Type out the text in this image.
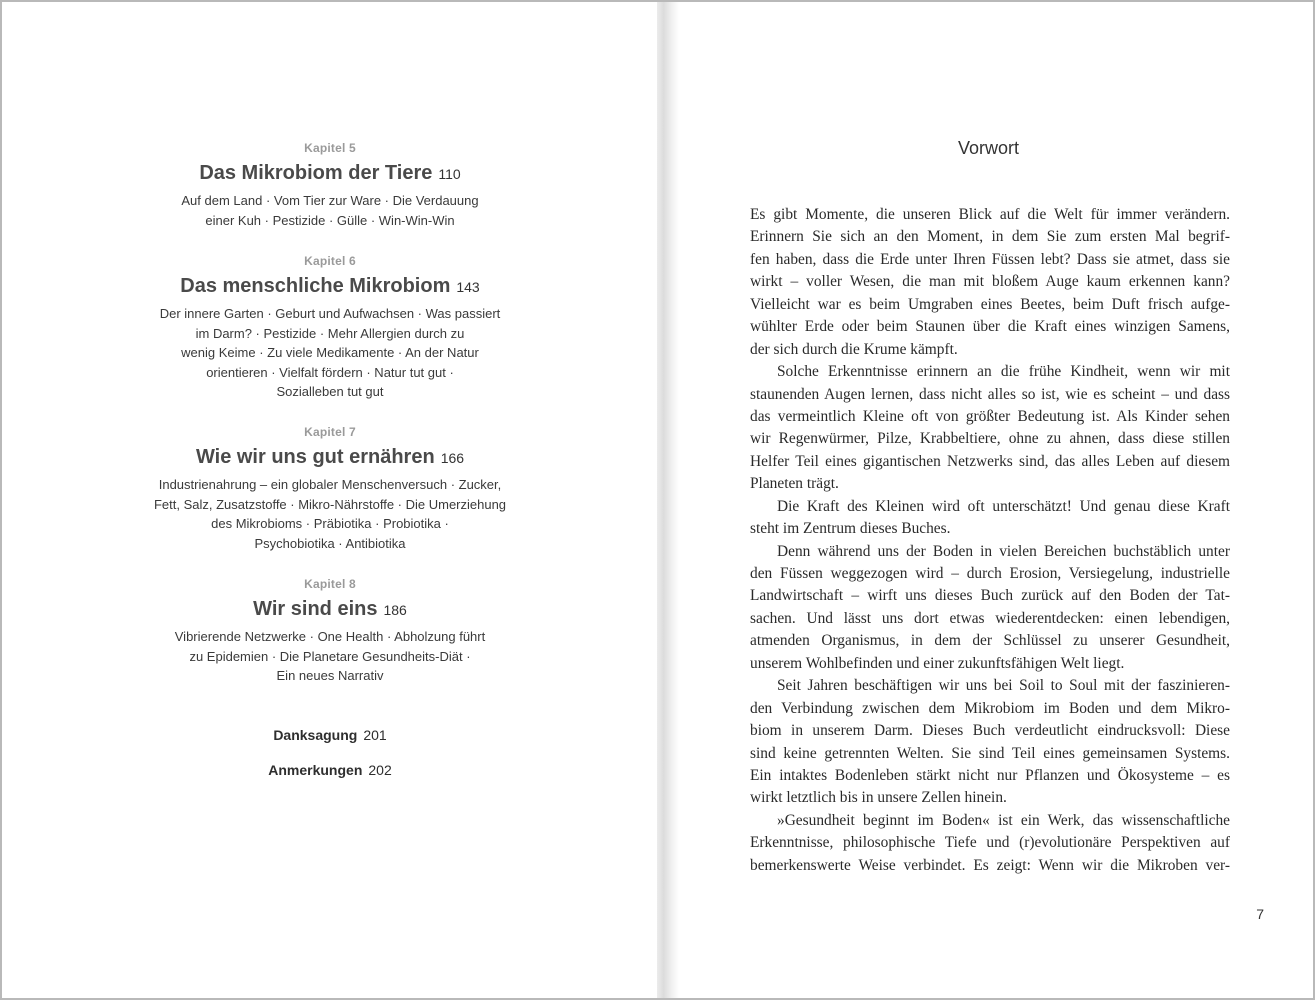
Kapitel 5
Das Mikrobiom der Tiere 110
Auf dem Land · Vom Tier zur Ware · Die Verdauung
einer Kuh · Pestizide · Gülle · Win-Win-Win
Kapitel 6
Das menschliche Mikrobiom 143
Der innere Garten · Geburt und Aufwachsen · Was passiert
im Darm? · Pestizide · Mehr Allergien durch zu
wenig Keime · Zu viele Medikamente · An der Natur
orientieren · Vielfalt fördern · Natur tut gut ·
Sozialleben tut gut
Kapitel 7
Wie wir uns gut ernähren 166
Industrienahrung – ein globaler Menschenversuch · Zucker,
Fett, Salz, Zusatzstoffe · Mikro-Nährstoffe · Die Umerziehung
des Mikrobioms · Präbiotika · Probiotika ·
Psychobiotika · Antibiotika
Kapitel 8
Wir sind eins 186
Vibrierende Netzwerke · One Health · Abholzung führt
zu Epidemien · Die Planetare Gesundheits-Diät ·
Ein neues Narrativ
Danksagung 201
Anmerkungen 202
Vorwort
Es gibt Momente, die unseren Blick auf die Welt für immer verändern.
Erinnern Sie sich an den Moment, in dem Sie zum ersten Mal begrif-
fen haben, dass die Erde unter Ihren Füssen lebt? Dass sie atmet, dass sie
wirkt – voller Wesen, die man mit bloßem Auge kaum erkennen kann?
Vielleicht war es beim Umgraben eines Beetes, beim Duft frisch aufge-
wühlter Erde oder beim Staunen über die Kraft eines winzigen Samens,
der sich durch die Krume kämpft.
Solche Erkenntnisse erinnern an die frühe Kindheit, wenn wir mit
staunenden Augen lernen, dass nicht alles so ist, wie es scheint – und dass
das vermeintlich Kleine oft von größter Bedeutung ist. Als Kinder sehen
wir Regenwürmer, Pilze, Krabbeltiere, ohne zu ahnen, dass diese stillen
Helfer Teil eines gigantischen Netzwerks sind, das alles Leben auf diesem
Planeten trägt.
Die Kraft des Kleinen wird oft unterschätzt! Und genau diese Kraft
steht im Zentrum dieses Buches.
Denn während uns der Boden in vielen Bereichen buchstäblich unter
den Füssen weggezogen wird – durch Erosion, Versiegelung, industrielle
Landwirtschaft – wirft uns dieses Buch zurück auf den Boden der Tat-
sachen. Und lässt uns dort etwas wiederentdecken: einen lebendigen,
atmenden Organismus, in dem der Schlüssel zu unserer Gesundheit,
unserem Wohlbefinden und einer zukunftsfähigen Welt liegt.
Seit Jahren beschäftigen wir uns bei Soil to Soul mit der faszinieren-
den Verbindung zwischen dem Mikrobiom im Boden und dem Mikro-
biom in unserem Darm. Dieses Buch verdeutlicht eindrucksvoll: Diese
sind keine getrennten Welten. Sie sind Teil eines gemeinsamen Systems.
Ein intaktes Bodenleben stärkt nicht nur Pflanzen und Ökosysteme – es
wirkt letztlich bis in unsere Zellen hinein.
»Gesundheit beginnt im Boden« ist ein Werk, das wissenschaftliche
Erkenntnisse, philosophische Tiefe und (r)evolutionäre Perspektiven auf
bemerkenswerte Weise verbindet. Es zeigt: Wenn wir die Mikroben ver-
7
